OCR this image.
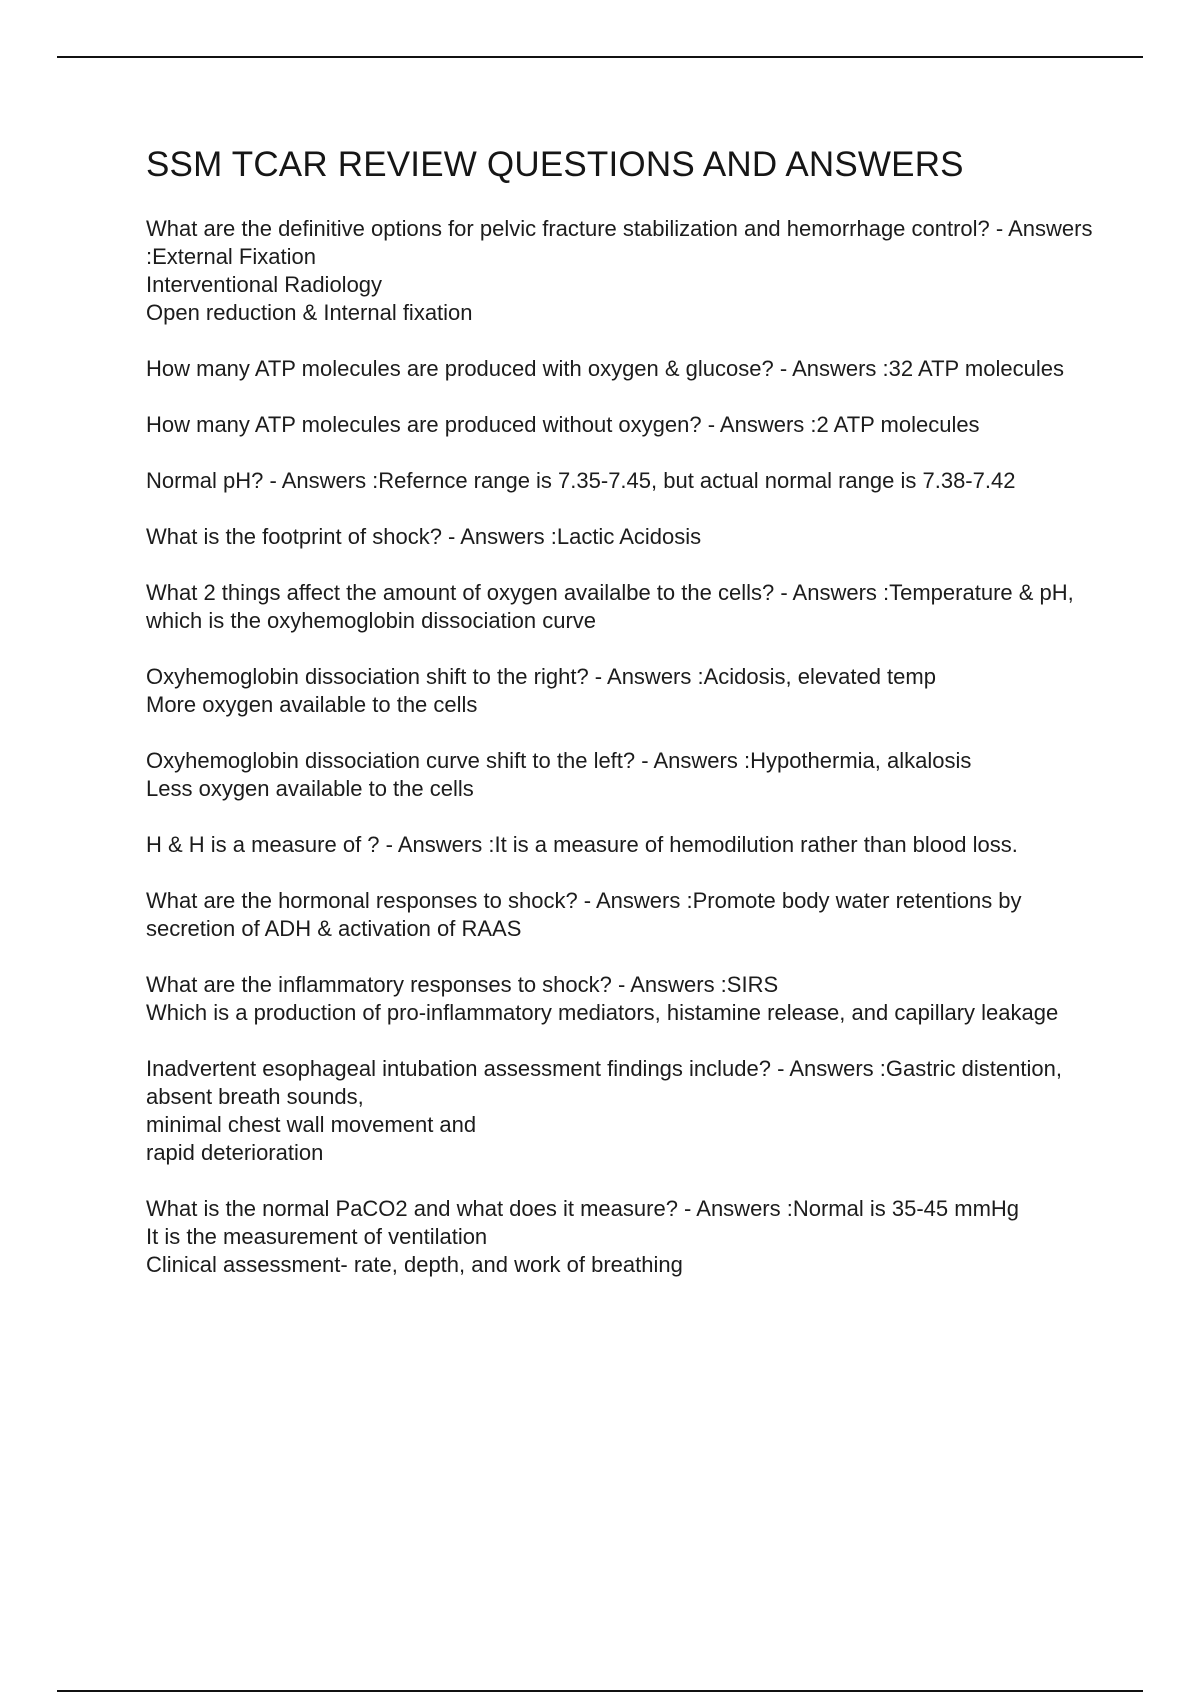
SSM TCAR REVIEW QUESTIONS AND ANSWERS
What are the definitive options for pelvic fracture stabilization and hemorrhage control? - Answers :External Fixation
Interventional Radiology
Open reduction & Internal fixation
How many ATP molecules are produced with oxygen & glucose? - Answers :32 ATP molecules
How many ATP molecules are produced without oxygen? - Answers :2 ATP molecules
Normal pH? - Answers :Refernce range is 7.35-7.45, but actual normal range is 7.38-7.42
What is the footprint of shock? - Answers :Lactic Acidosis
What 2 things affect the amount of oxygen availalbe to the cells? - Answers :Temperature & pH, which is the oxyhemoglobin dissociation curve
Oxyhemoglobin dissociation shift to the right? - Answers :Acidosis, elevated temp
More oxygen available to the cells
Oxyhemoglobin dissociation curve shift to the left? - Answers :Hypothermia, alkalosis
Less oxygen available to the cells
H & H is a measure of ? - Answers :It is a measure of hemodilution rather than blood loss.
What are the hormonal responses to shock? - Answers :Promote body water retentions by secretion of ADH & activation of RAAS
What are the inflammatory responses to shock? - Answers :SIRS
Which is a production of pro-inflammatory mediators, histamine release, and capillary leakage
Inadvertent esophageal intubation assessment findings include? - Answers :Gastric distention,
absent breath sounds,
minimal chest wall movement and
rapid deterioration
What is the normal PaCO2 and what does it measure? - Answers :Normal is 35-45 mmHg
It is the measurement of ventilation
Clinical assessment- rate, depth, and work of breathing
